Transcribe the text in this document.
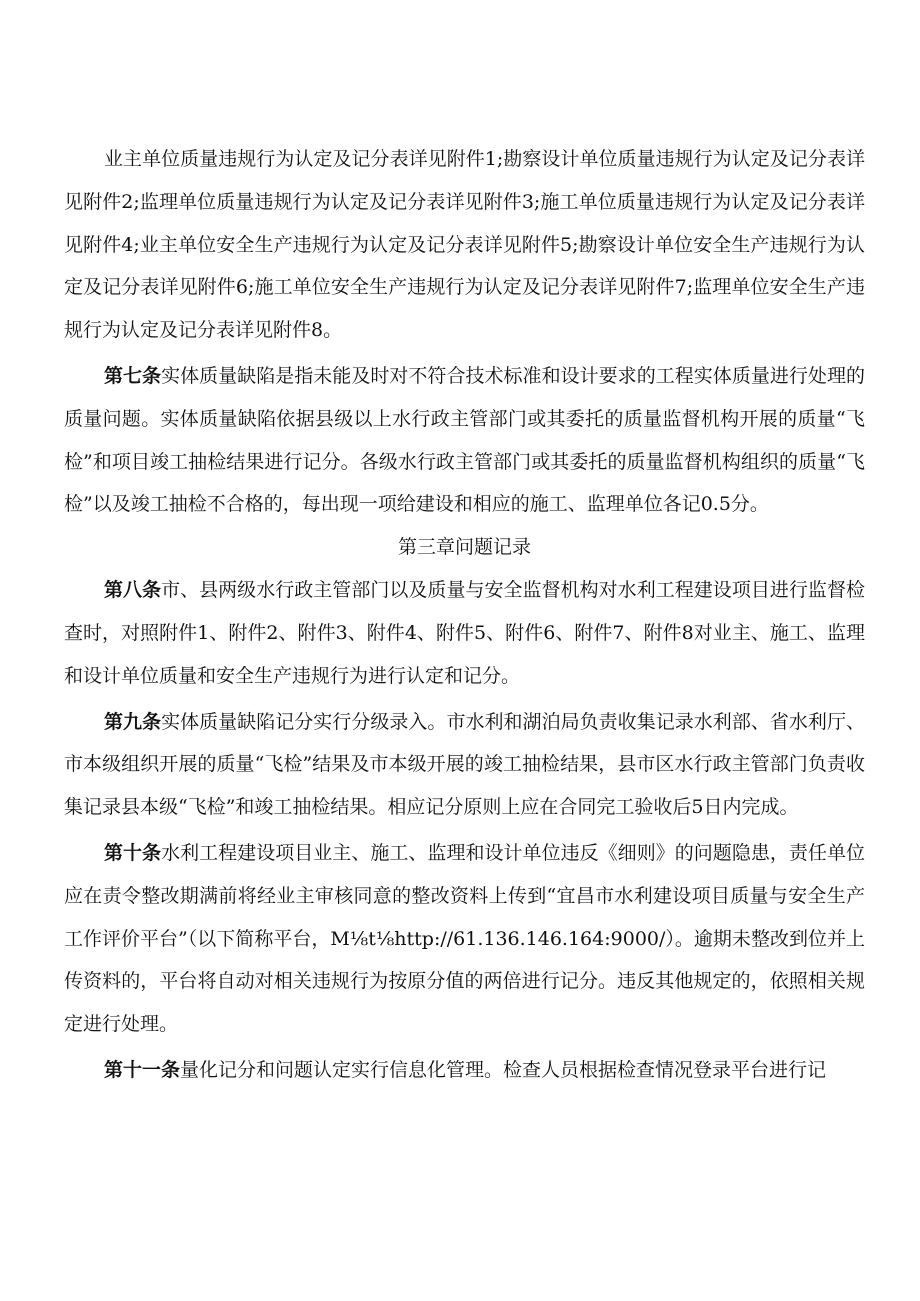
业主单位质量违规行为认定及记分表详见附件1;勘察设计单位质量违规行为认定及记分表详见附件2;监理单位质量违规行为认定及记分表详见附件3;施工单位质量违规行为认定及记分表详见附件4;业主单位安全生产违规行为认定及记分表详见附件5;勘察设计单位安全生产违规行为认定及记分表详见附件6;施工单位安全生产违规行为认定及记分表详见附件7;监理单位安全生产违规行为认定及记分表详见附件8。

第七条实体质量缺陷是指未能及时对不符合技术标准和设计要求的工程实体质量进行处理的质量问题。实体质量缺陷依据县级以上水行政主管部门或其委托的质量监督机构开展的质量“飞检”和项目竣工抽检结果进行记分。各级水行政主管部门或其委托的质量监督机构组织的质量“飞检”以及竣工抽检不合格的，每出现一项给建设和相应的施工、监理单位各记0.5分。

第三章问题记录

第八条市、县两级水行政主管部门以及质量与安全监督机构对水利工程建设项目进行监督检查时，对照附件1、附件2、附件3、附件4、附件5、附件6、附件7、附件8对业主、施工、监理和设计单位质量和安全生产违规行为进行认定和记分。

第九条实体质量缺陷记分实行分级录入。市水利和湖泊局负责收集记录水利部、省水利厅、市本级组织开展的质量“飞检”结果及市本级开展的竣工抽检结果，县市区水行政主管部门负责收集记录县本级“飞检”和竣工抽检结果。相应记分原则上应在合同完工验收后5日内完成。

第十条水利工程建设项目业主、施工、监理和设计单位违反《细则》的问题隐患，责任单位应在责令整改期满前将经业主审核同意的整改资料上传到“宜昌市水利建设项目质量与安全生产工作评价平台”（以下简称平台，M⅛t⅛http://61.136.146.164:9000/）。逾期未整改到位并上传资料的，平台将自动对相关违规行为按原分值的两倍进行记分。违反其他规定的，依照相关规定进行处理。

第十一条量化记分和问题认定实行信息化管理。检查人员根据检查情况登录平台进行记
